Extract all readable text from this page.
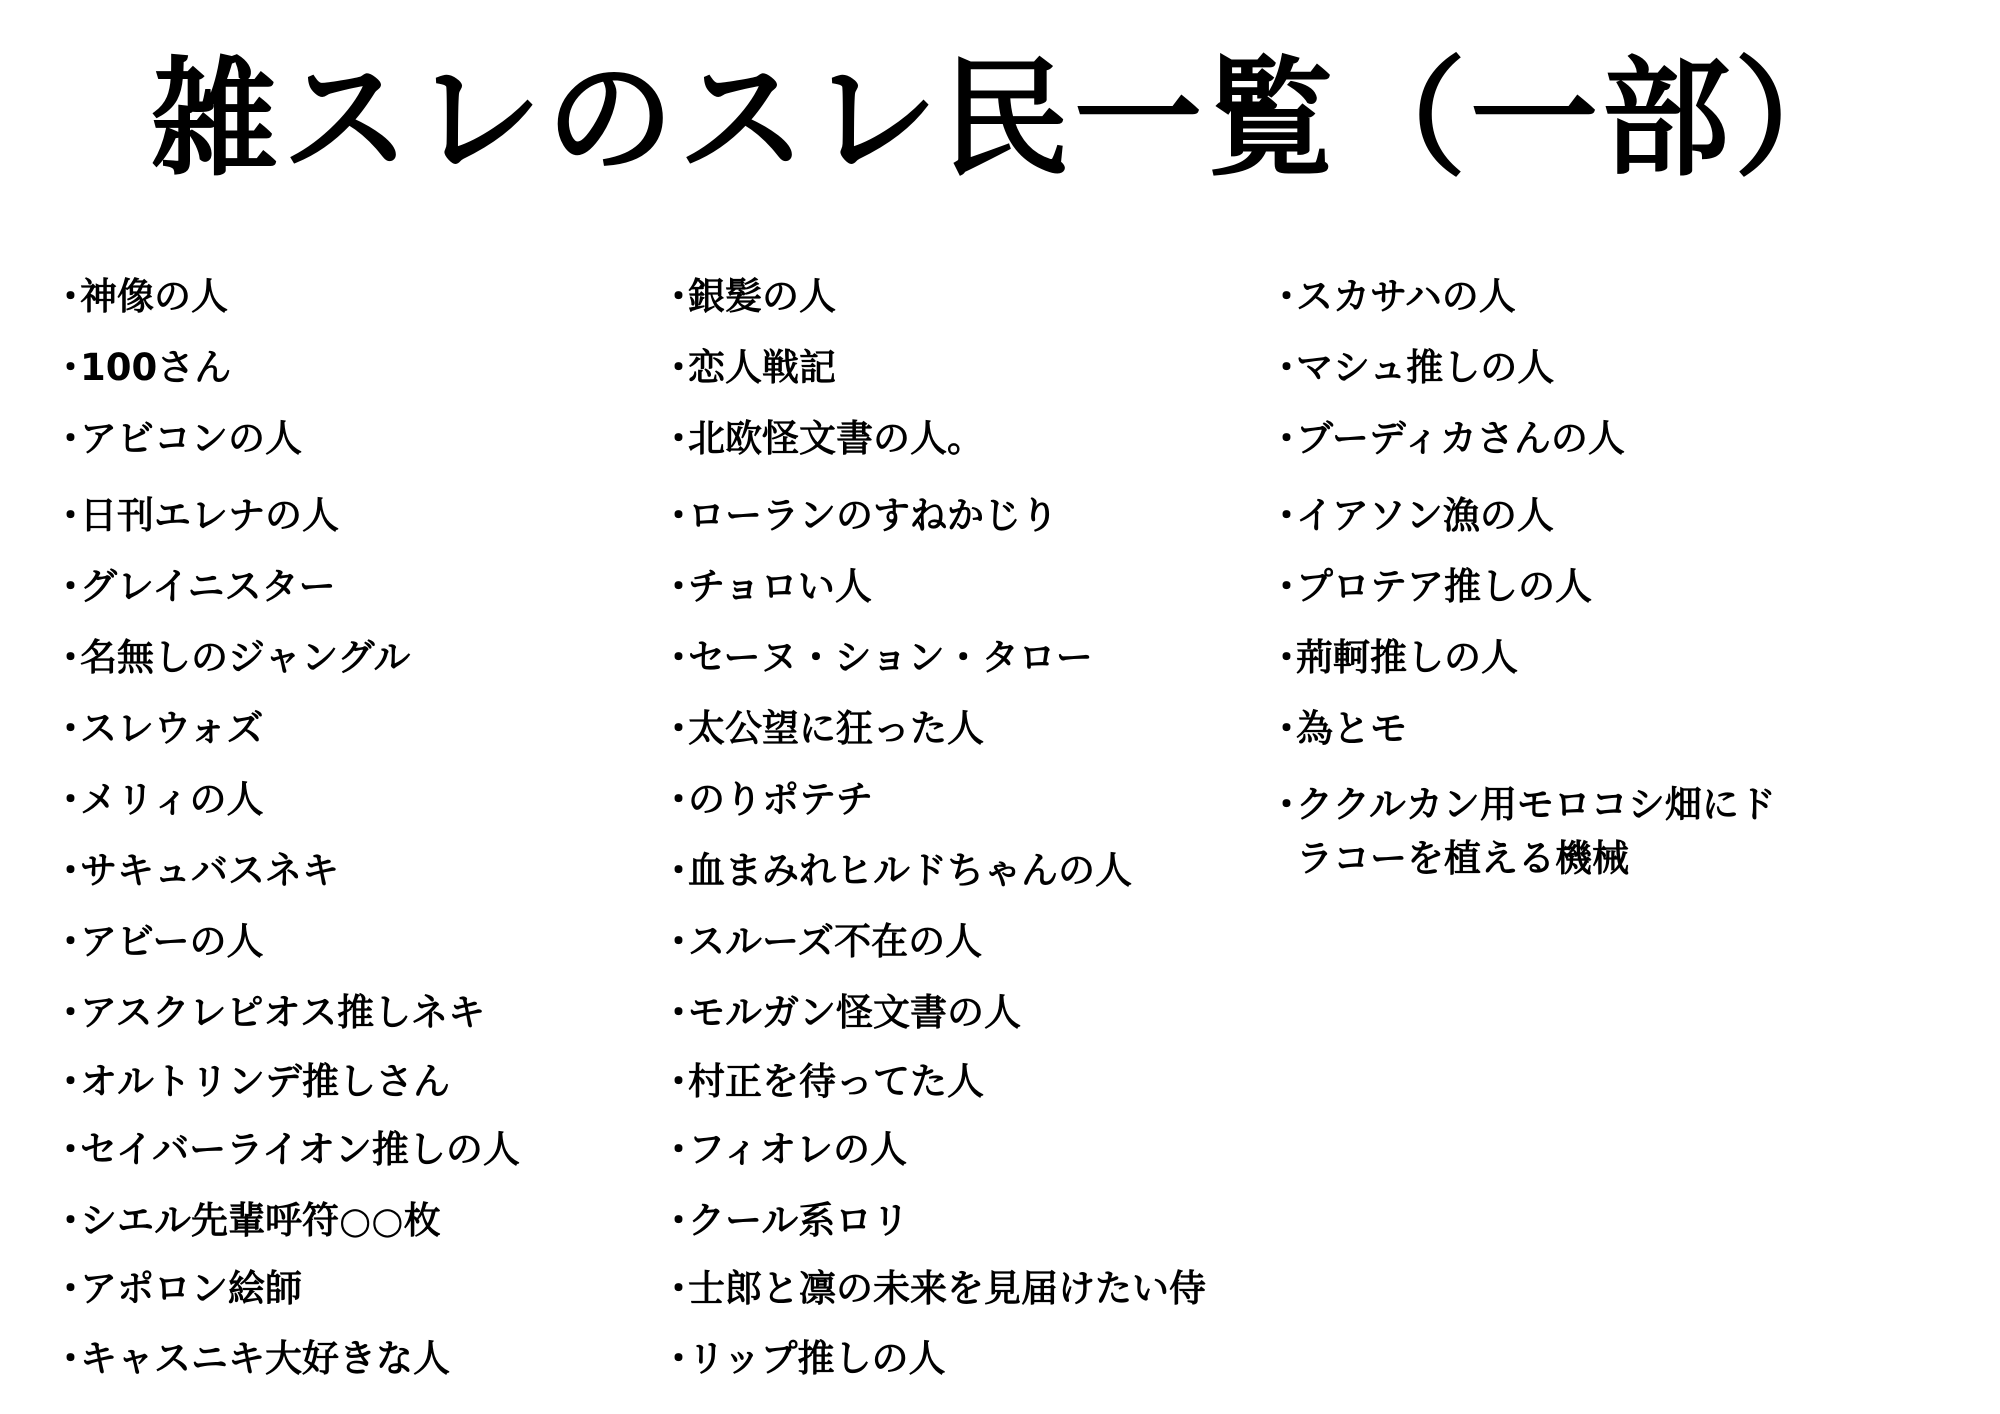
雑スレのスレ民一覧（一部）
・神像の人
・100さん
・アビコンの人
・日刊エレナの人
・グレイニスター
・名無しのジャングル
・スレウォズ
・メリィの人
・サキュバスネキ
・アビーの人
・アスクレピオス推しネキ
・オルトリンデ推しさん
・セイバーライオン推しの人
・シエル先輩呼符○○枚
・アポロン絵師
・キャスニキ大好きな人
・銀髪の人
・恋人戦記
・北欧怪文書の人。
・ローランのすねかじり
・チョロい人
・セーヌ・ション・タロー
・太公望に狂った人
・のりポテチ
・血まみれヒルドちゃんの人
・スルーズ不在の人
・モルガン怪文書の人
・村正を待ってた人
・フィオレの人
・クール系ロリ
・士郎と凛の未来を見届けたい侍
・リップ推しの人
・スカサハの人
・マシュ推しの人
・ブーディカさんの人
・イアソン漁の人
・プロテア推しの人
・荊軻推しの人
・為とモ
・ククルカン用モロコシ畑にドラコーを植える機械
